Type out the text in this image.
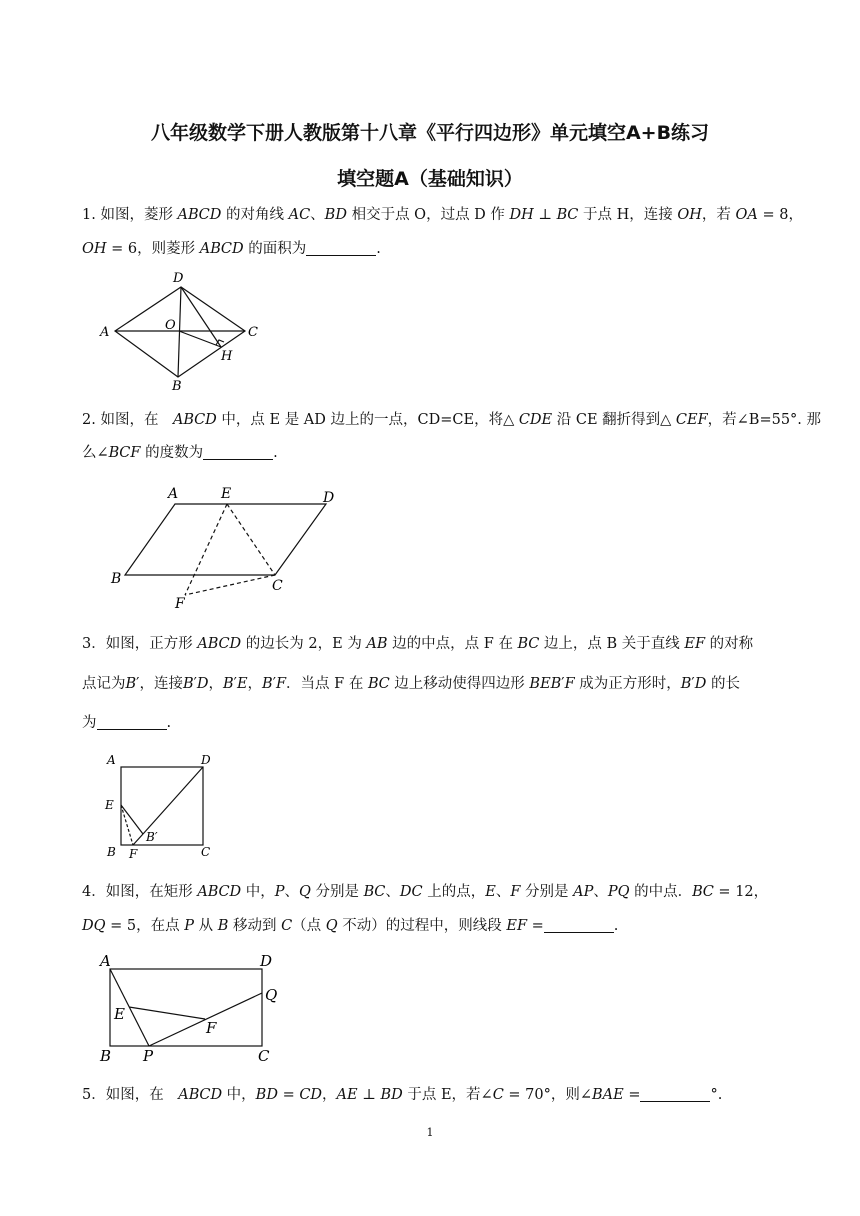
八年级数学下册人教版第十八章《平行四边形》单元填空A+B练习
填空题A（基础知识）
1. 如图，菱形 𝐴𝐵𝐶𝐷 的对角线 𝐴𝐶、𝐵𝐷 相交于点 O，过点 D 作 𝐷𝐻 ⊥ 𝐵𝐶 于点 H，连接 𝑂𝐻，若 𝑂𝐴 = 8，
𝑂𝐻 = 6，则菱形 𝐴𝐵𝐶𝐷 的面积为	.
D
A	O	C
H
B
2. 如图，在　𝐴𝐵𝐶𝐷 中，点 E 是 AD 边上的一点，CD=CE，将△ 𝐶𝐷𝐸 沿 CE 翻折得到△ 𝐶𝐸𝐹，若∠B=55°. 那
么∠𝐵𝐶𝐹 的度数为	.
A	E	D
B	C
F
3．如图，正方形 𝐴𝐵𝐶𝐷 的边长为 2，E 为 𝐴𝐵 边的中点，点 F 在 𝐵𝐶 边上，点 B 关于直线 𝐸𝐹 的对称
点记为𝐵′，连接𝐵′𝐷，𝐵′𝐸，𝐵′𝐹．当点 F 在 𝐵𝐶 边上移动使得四边形 𝐵𝐸𝐵′𝐹 成为正方形时，𝐵′𝐷 的长
为	.
A	D
E
B′
B F	C
4．如图，在矩形 𝐴𝐵𝐶𝐷 中，𝑃、𝑄 分别是 𝐵𝐶、𝐷𝐶 上的点，𝐸、𝐹 分别是 𝐴𝑃、𝑃𝑄 的中点．𝐵𝐶 = 12，
𝐷𝑄 = 5，在点 𝑃 从 𝐵 移动到 𝐶（点 𝑄 不动）的过程中，则线段 𝐸𝐹 =	.
A	D
Q
E
F
B P	C
5．如图，在　𝐴𝐵𝐶𝐷 中，𝐵𝐷 = 𝐶𝐷，𝐴𝐸 ⊥ 𝐵𝐷 于点 E，若∠𝐶 = 70°，则∠𝐵𝐴𝐸 =	°.
1
